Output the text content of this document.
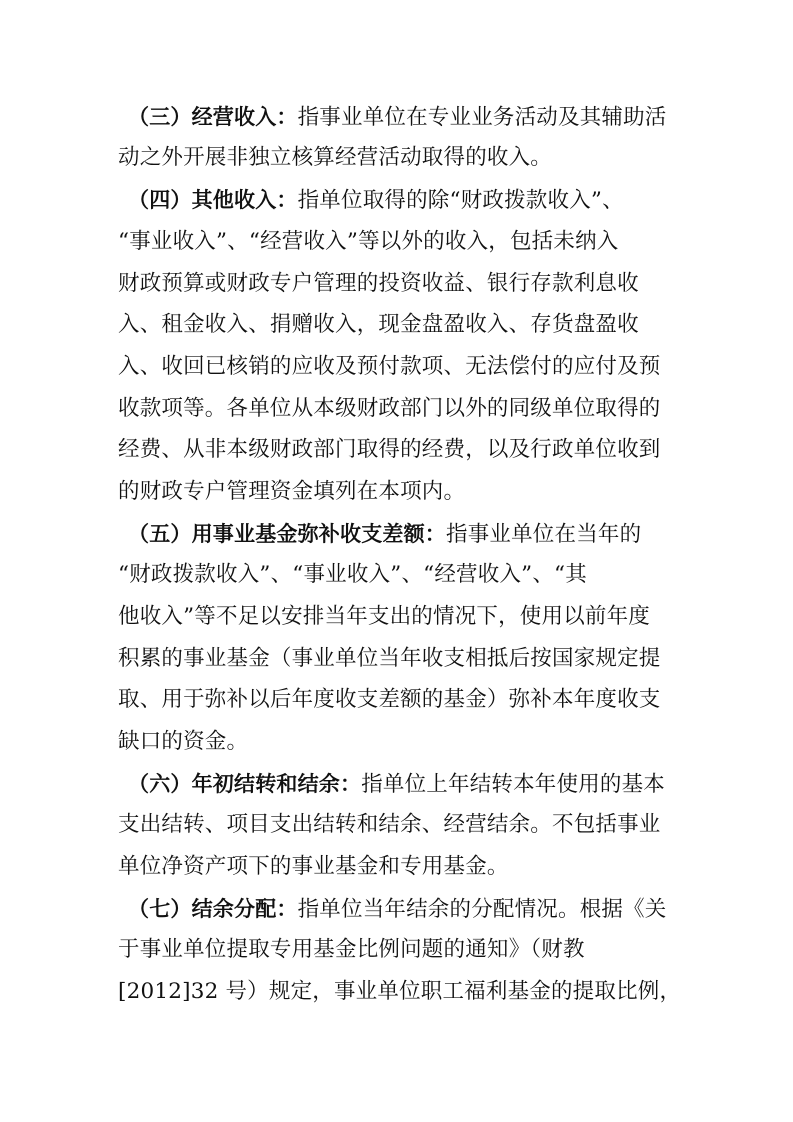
（三）经营收入：指事业单位在专业业务活动及其辅助活
动之外开展非独立核算经营活动取得的收入。
（四）其他收入：指单位取得的除“财政拨款收入”、
“事业收入”、“经营收入”等以外的收入，包括未纳入
财政预算或财政专户管理的投资收益、银行存款利息收
入、租金收入、捐赠收入，现金盘盈收入、存货盘盈收
入、收回已核销的应收及预付款项、无法偿付的应付及预
收款项等。各单位从本级财政部门以外的同级单位取得的
经费、从非本级财政部门取得的经费，以及行政单位收到
的财政专户管理资金填列在本项内。
（五）用事业基金弥补收支差额：指事业单位在当年的
“财政拨款收入”、“事业收入”、“经营收入”、“其
他收入”等不足以安排当年支出的情况下，使用以前年度
积累的事业基金（事业单位当年收支相抵后按国家规定提
取、用于弥补以后年度收支差额的基金）弥补本年度收支
缺口的资金。
（六）年初结转和结余：指单位上年结转本年使用的基本
支出结转、项目支出结转和结余、经营结余。不包括事业
单位净资产项下的事业基金和专用基金。
（七）结余分配：指单位当年结余的分配情况。根据《关
于事业单位提取专用基金比例问题的通知》（财教
[2012]32 号）规定，事业单位职工福利基金的提取比例，
